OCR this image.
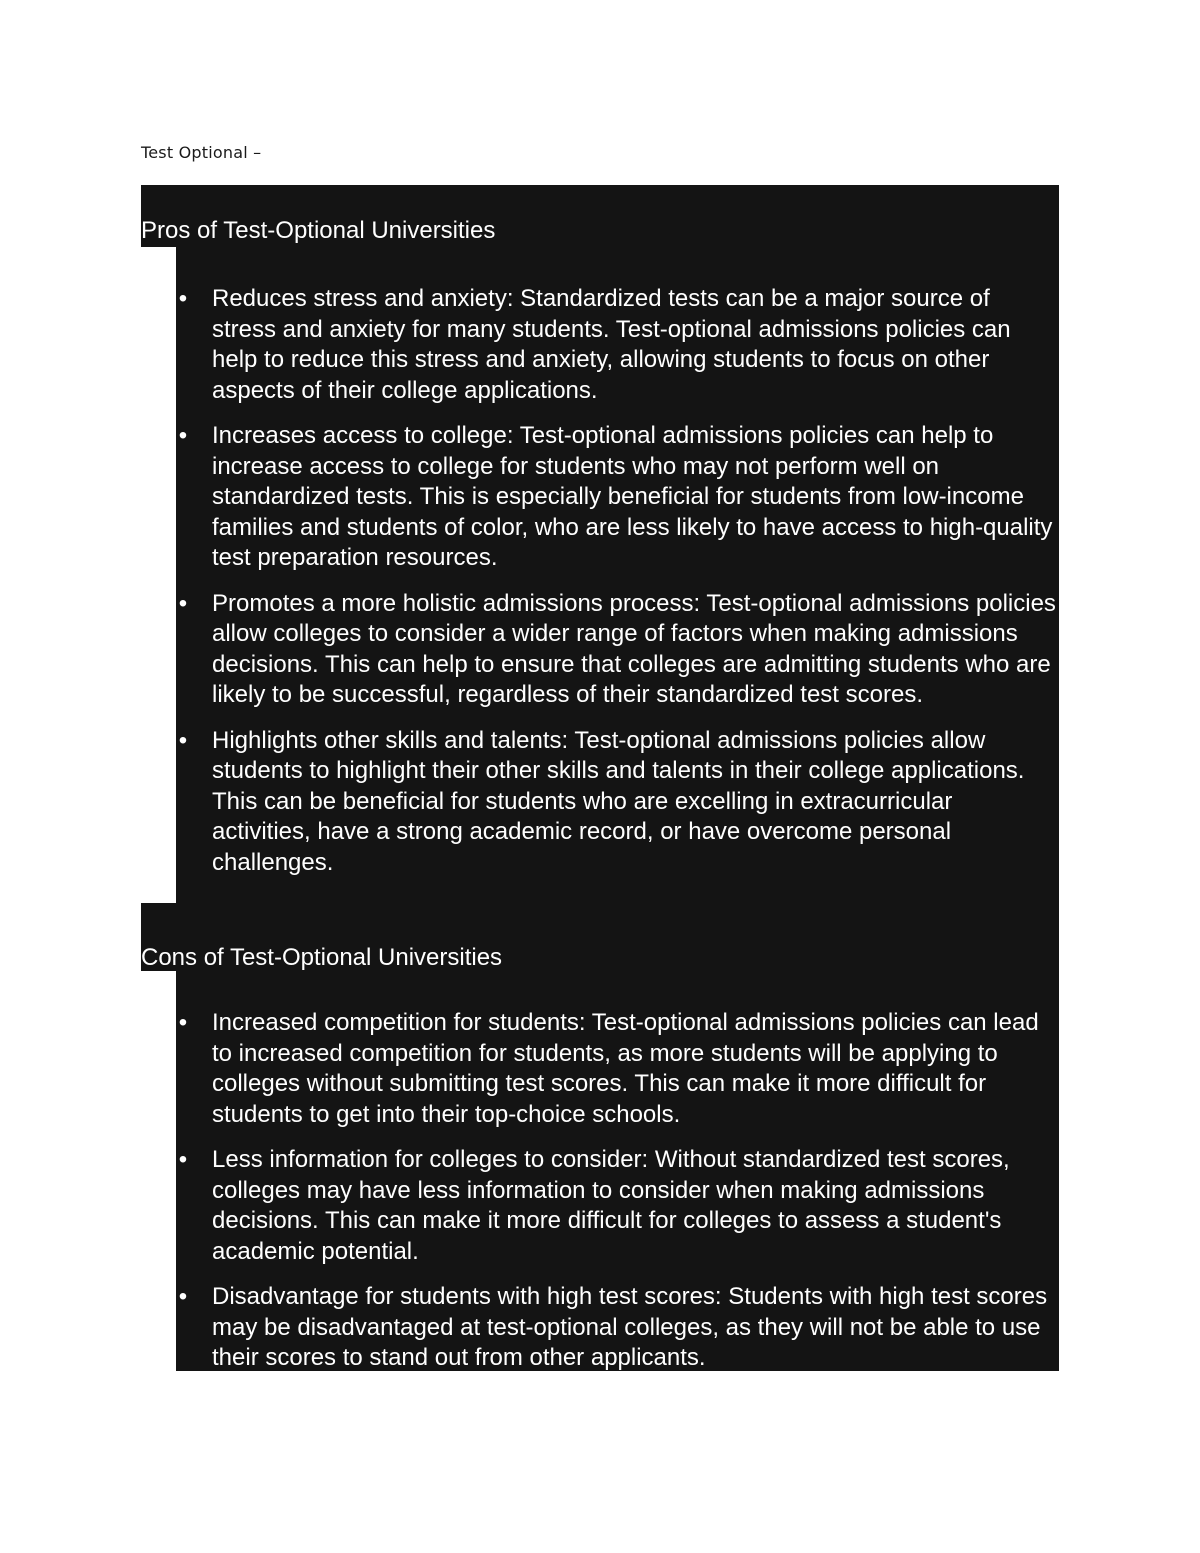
Test Optional –
Pros of Test-Optional Universities
• Reduces stress and anxiety: Standardized tests can be a major source of stress and anxiety for many students. Test-optional admissions policies can help to reduce this stress and anxiety, allowing students to focus on other aspects of their college applications.
• Increases access to college: Test-optional admissions policies can help to increase access to college for students who may not perform well on standardized tests. This is especially beneficial for students from low-income families and students of color, who are less likely to have access to high-quality test preparation resources.
• Promotes a more holistic admissions process: Test-optional admissions policies allow colleges to consider a wider range of factors when making admissions decisions. This can help to ensure that colleges are admitting students who are likely to be successful, regardless of their standardized test scores.
• Highlights other skills and talents: Test-optional admissions policies allow students to highlight their other skills and talents in their college applications. This can be beneficial for students who are excelling in extracurricular activities, have a strong academic record, or have overcome personal challenges.
Cons of Test-Optional Universities
• Increased competition for students: Test-optional admissions policies can lead to increased competition for students, as more students will be applying to colleges without submitting test scores. This can make it more difficult for students to get into their top-choice schools.
• Less information for colleges to consider: Without standardized test scores, colleges may have less information to consider when making admissions decisions. This can make it more difficult for colleges to assess a student's academic potential.
• Disadvantage for students with high test scores: Students with high test scores may be disadvantaged at test-optional colleges, as they will not be able to use their scores to stand out from other applicants.
